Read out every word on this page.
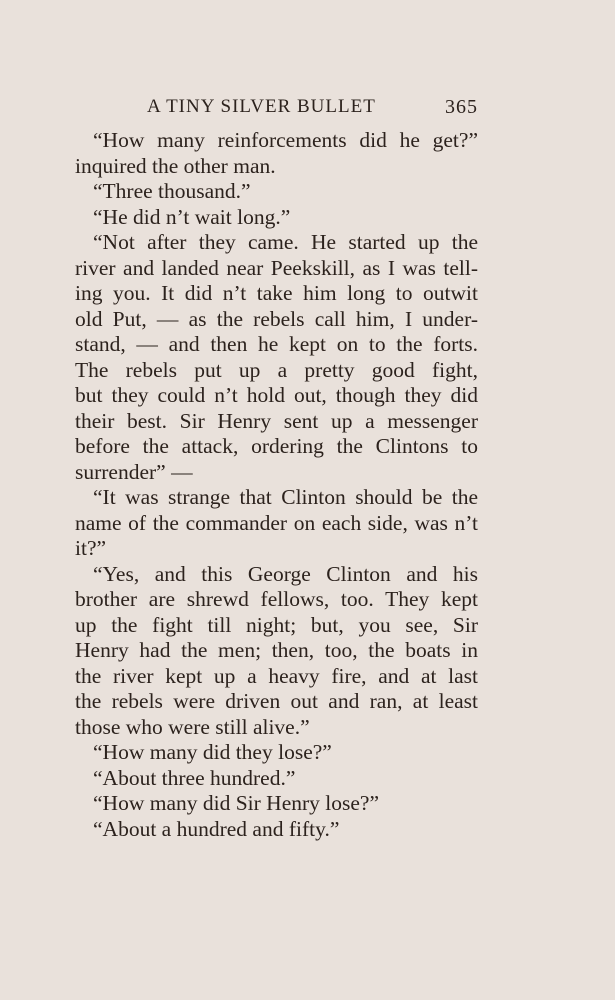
A TINY SILVER BULLET	365
“How many reinforcements did he get?”
inquired the other man.
“Three thousand.”
“He did n’t wait long.”
“Not after they came. He started up the
river and landed near Peekskill, as I was tell-
ing you. It did n’t take him long to outwit
old Put, — as the rebels call him, I under-
stand, — and then he kept on to the forts.
The rebels put up a pretty good fight,
but they could n’t hold out, though they did
their best. Sir Henry sent up a messenger
before the attack, ordering the Clintons to
surrender” —
“It was strange that Clinton should be the
name of the commander on each side, was n’t
it?”
“Yes, and this George Clinton and his
brother are shrewd fellows, too. They kept
up the fight till night; but, you see, Sir
Henry had the men; then, too, the boats in
the river kept up a heavy fire, and at last
the rebels were driven out and ran, at least
those who were still alive.”
“How many did they lose?”
“About three hundred.”
“How many did Sir Henry lose?”
“About a hundred and fifty.”
